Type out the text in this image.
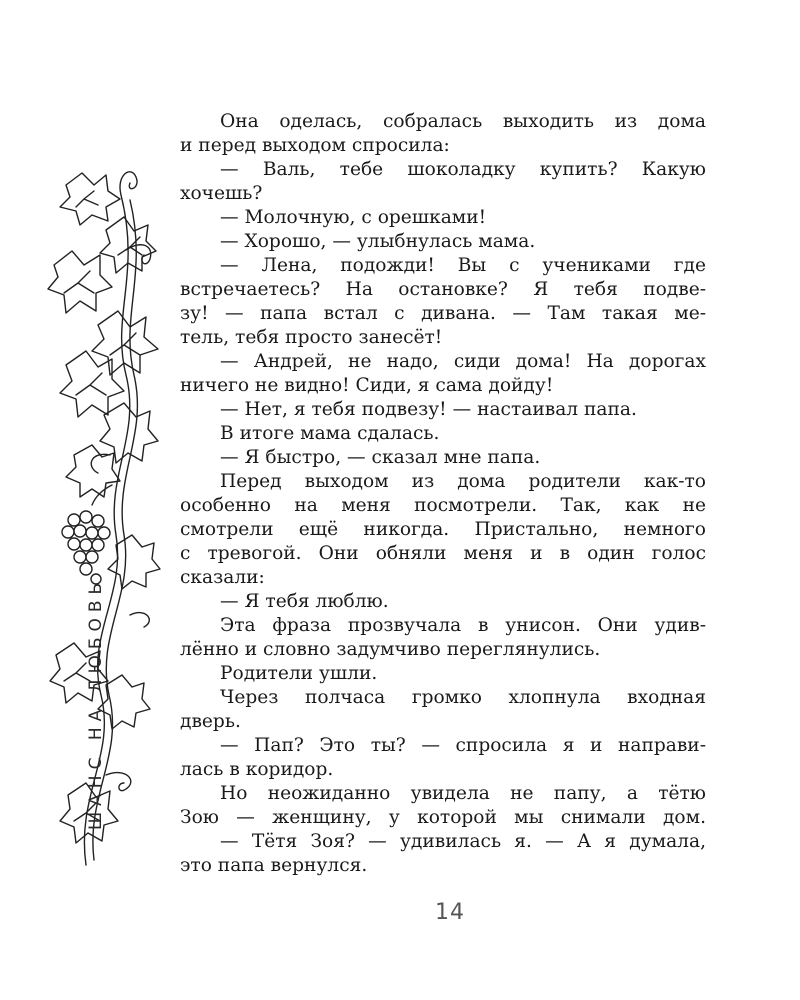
ШАНС НА ЛЮБОВЬ
Она оделась, собралась выходить из дома
и перед выходом спросила:
— Валь, тебе шоколадку купить? Какую
хочешь?
— Молочную, с орешками!
— Хорошо, — улыбнулась мама.
— Лена, подожди! Вы с учениками где
встречаетесь? На остановке? Я тебя подве-
зу! — папа встал с дивана. — Там такая ме-
тель, тебя просто занесёт!
— Андрей, не надо, сиди дома! На дорогах
ничего не видно! Сиди, я сама дойду!
— Нет, я тебя подвезу! — настаивал папа.
В итоге мама сдалась.
— Я быстро, — сказал мне папа.
Перед выходом из дома родители как-то
особенно на меня посмотрели. Так, как не
смотрели ещё никогда. Пристально, немного
с тревогой. Они обняли меня и в один голос
сказали:
— Я тебя люблю.
Эта фраза прозвучала в унисон. Они удив-
лённо и словно задумчиво переглянулись.
Родители ушли.
Через полчаса громко хлопнула входная
дверь.
— Пап? Это ты? — спросила я и направи-
лась в коридор.
Но неожиданно увидела не папу, а тётю
Зою — женщину, у которой мы снимали дом.
— Тётя Зоя? — удивилась я. — А я думала,
это папа вернулся.
14
